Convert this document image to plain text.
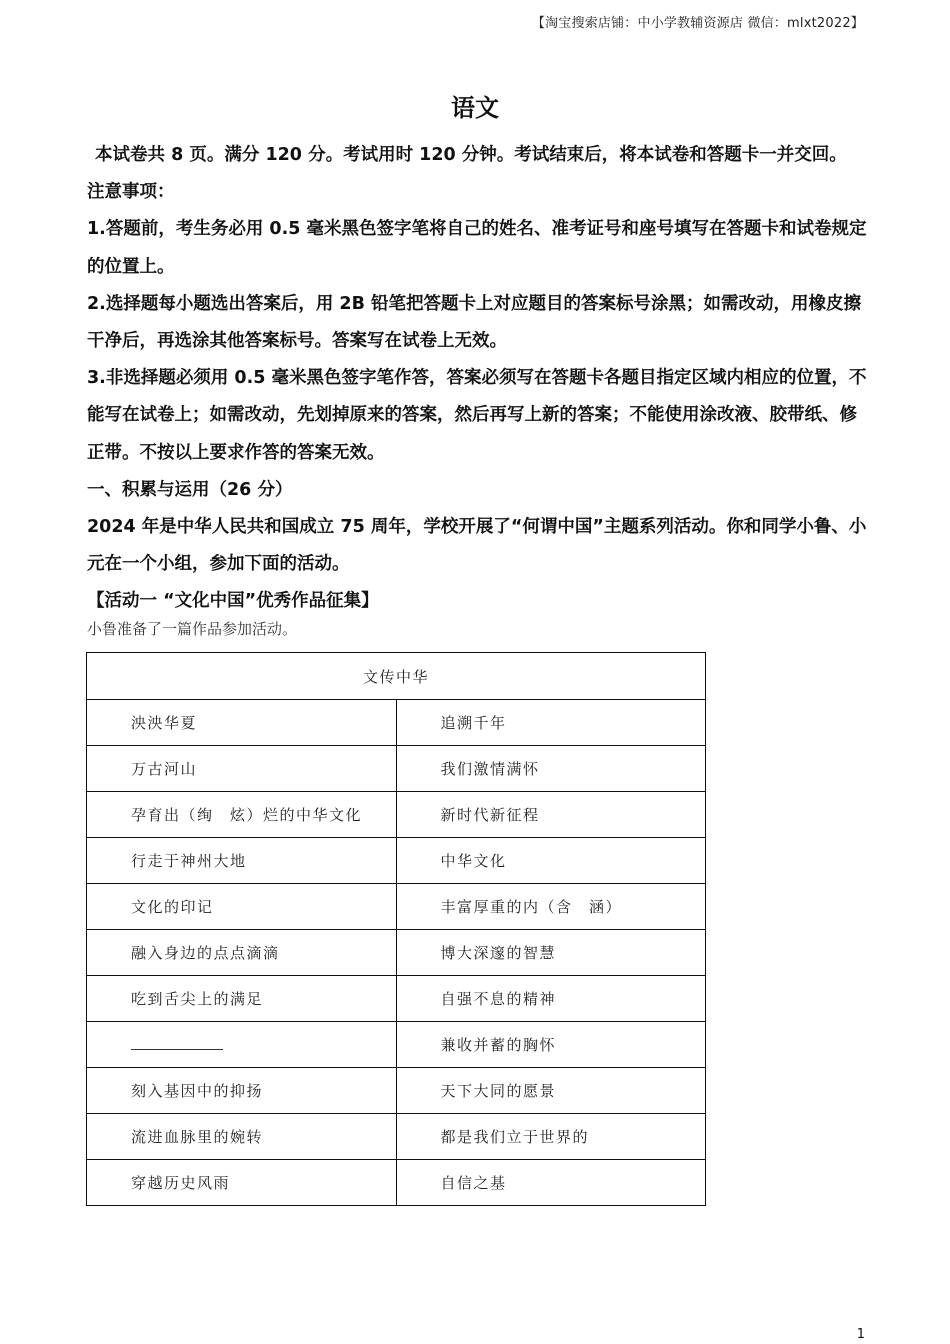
【淘宝搜索店铺：中小学教辅资源店 微信：mlxt2022】
语文

本试卷共 8 页。满分 120 分。考试用时 120 分钟。考试结束后，将本试卷和答题卡一并交回。

注意事项：

1.答题前，考生务必用 0.5 毫米黑色签字笔将自己的姓名、准考证号和座号填写在答题卡和试卷规定的位置上。

2.选择题每小题选出答案后，用 2B 铅笔把答题卡上对应题目的答案标号涂黑；如需改动，用橡皮擦干净后，再选涂其他答案标号。答案写在试卷上无效。

3.非选择题必须用 0.5 毫米黑色签字笔作答，答案必须写在答题卡各题目指定区域内相应的位置，不能写在试卷上；如需改动，先划掉原来的答案，然后再写上新的答案；不能使用涂改液、胶带纸、修正带。不按以上要求作答的答案无效。

一、积累与运用（26 分）

2024 年是中华人民共和国成立 75 周年，学校开展了“何谓中国”主题系列活动。你和同学小鲁、小元在一个小组，参加下面的活动。

【活动一 “文化中国”优秀作品征集】

小鲁准备了一篇作品参加活动。
文传中华	
泱泱华夏	追溯千年
万古河山	我们激情满怀
孕育出（绚　炫）烂的中华文化	新时代新征程
行走于神州大地	中华文化
文化的印记	丰富厚重的内（含　涵）
融入身边的点点滴滴	博大深邃的智慧
吃到舌尖上的满足	自强不息的精神
	兼收并蓄的胸怀
刻入基因中的抑扬	天下大同的愿景
流进血脉里的婉转	都是我们立于世界的
穿越历史风雨	自信之基
1
